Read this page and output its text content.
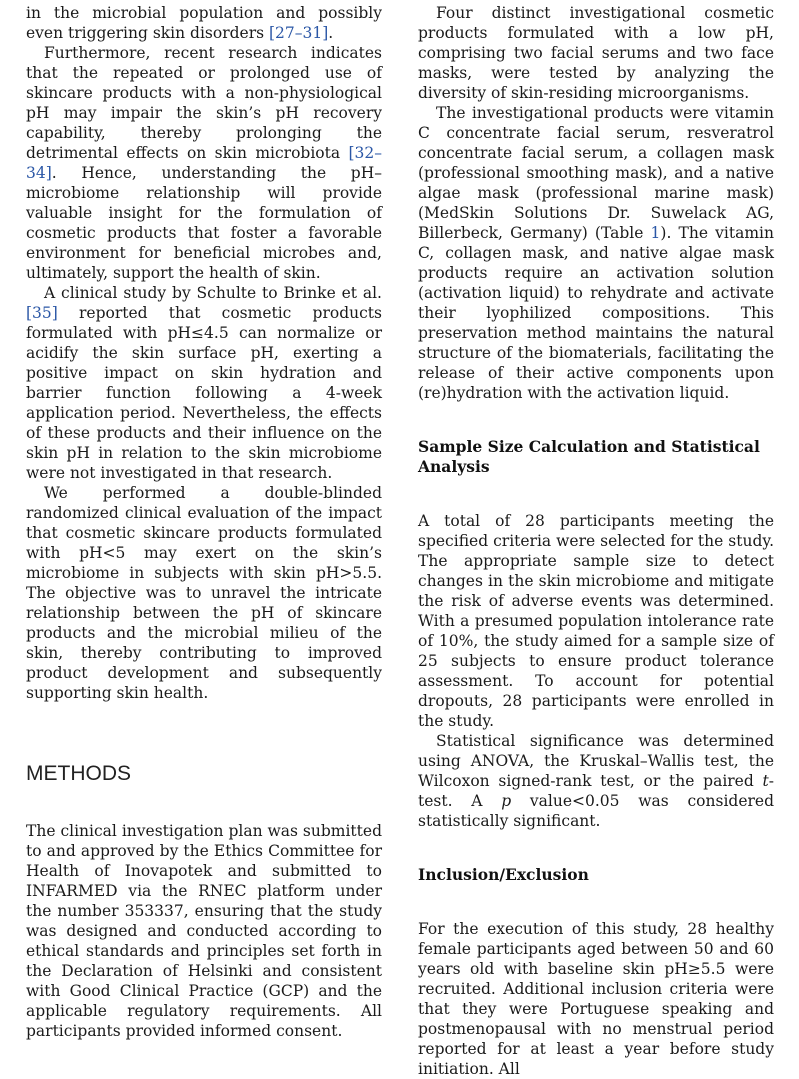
in the microbial population and possibly even triggering skin disorders [27–31].

Furthermore, recent research indicates that the repeated or prolonged use of skincare products with a non-physiological pH may impair the skin’s pH recovery capability, thereby prolonging the detrimental effects on skin microbiota [32–34]. Hence, understanding the pH–microbiome relationship will provide valuable insight for the formulation of cosmetic products that foster a favorable environment for beneficial microbes and, ultimately, support the health of skin.

A clinical study by Schulte to Brinke et al. [35] reported that cosmetic products formulated with pH≤4.5 can normalize or acidify the skin surface pH, exerting a positive impact on skin hydration and barrier function following a 4-week application period. Nevertheless, the effects of these products and their influence on the skin pH in relation to the skin microbiome were not investigated in that research.

We performed a double-blinded randomized clinical evaluation of the impact that cosmetic skincare products formulated with pH<5 may exert on the skin’s microbiome in subjects with skin pH>5.5. The objective was to unravel the intricate relationship between the pH of skincare products and the microbial milieu of the skin, thereby contributing to improved product development and subsequently supporting skin health.

METHODS

The clinical investigation plan was submitted to and approved by the Ethics Committee for Health of Inovapotek and submitted to INFARMED via the RNEC platform under the number 353337, ensuring that the study was designed and conducted according to ethical standards and principles set forth in the Declaration of Helsinki and consistent with Good Clinical Practice (GCP) and the applicable regulatory requirements. All participants provided informed consent.

Four distinct investigational cosmetic products formulated with a low pH, comprising two facial serums and two face masks, were tested by analyzing the diversity of skin-residing microorganisms.

The investigational products were vitamin C concentrate facial serum, resveratrol concentrate facial serum, a collagen mask (professional smoothing mask), and a native algae mask (professional marine mask) (MedSkin Solutions Dr. Suwelack AG, Billerbeck, Germany) (Table 1). The vitamin C, collagen mask, and native algae mask products require an activation solution (activation liquid) to rehydrate and activate their lyophilized compositions. This preservation method maintains the natural structure of the biomaterials, facilitating the release of their active components upon (re)hydration with the activation liquid.

Sample Size Calculation and Statistical Analysis

A total of 28 participants meeting the specified criteria were selected for the study. The appropriate sample size to detect changes in the skin microbiome and mitigate the risk of adverse events was determined. With a presumed population intolerance rate of 10%, the study aimed for a sample size of 25 subjects to ensure product tolerance assessment. To account for potential dropouts, 28 participants were enrolled in the study.

Statistical significance was determined using ANOVA, the Kruskal–Wallis test, the Wilcoxon signed-rank test, or the paired t-test. A p value<0.05 was considered statistically significant.

Inclusion/Exclusion

For the execution of this study, 28 healthy female participants aged between 50 and 60 years old with baseline skin pH≥5.5 were recruited. Additional inclusion criteria were that they were Portuguese speaking and postmenopausal with no menstrual period reported for at least a year before study initiation. All
